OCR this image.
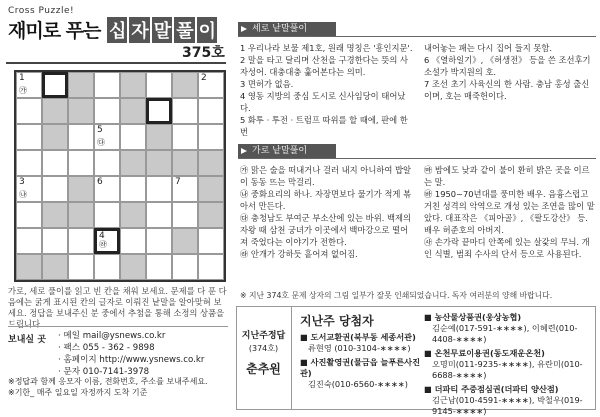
Cross Puzzle!
재미로 푸는 십 자 말 풀 이
375호
1
㉮
2
5
㉰
3
㉯
6	7
4
㉱
가로, 세로 풀이를 읽고 빈 칸을 채워 보세요. 문제를 다 푼 다음에는 굵게 표시된 칸의 글자로 이뤄진 낱말을 알아맞혀 보세요. 정답을 보내주신 분 중에서 추첨을 통해 소정의 상품을 드립니다.
보내실 곳 · 메일 mail@ysnews.co.kr
· 팩스 055 - 362 - 9898
· 홈페이지 http://www.ysnews.co.kr
· 문자 010-7141-3978
※정답과 함께 응모자 이름, 전화번호, 주소를 보내주세요.
※기한_ 매주 일요일 자정까지 도착 기준
세로 낱말풀이
1 우리나라 보물 제1호, 원래 명칭은 '흥인지문'.
2 말을 타고 달리며 산천을 구경한다는 뜻의 사자성어. 대충대충 훑어본다는 의미.
3 면허가 없음.
4 영동 지방의 중심 도시로 신사임당이 태어났다.
5 화투 · 투전 · 트럼프 따위를 할 때에, 판에 한번
내어놓는 패는 다시 집어 들지 못함.
6 《열하일기》, 《허생전》 등을 쓴 조선후기 소설가 박지원의 호.
7 조선 초기 사육신의 한 사람. 충남 홍성 출신이며, 호는 매죽헌이다.
가로 낱말풀이
㉮ 맑은 술을 떠내거나 걸러 내지 아니하여 밥알이 동동 뜨는 막걸리.
㉯ 중화요리의 하나. 자장면보다 물기가 적게 볶아서 만든다.
㉰ 충청남도 부여군 부소산에 있는 바위. 백제의 자왕 때 삼천 궁녀가 이곳에서 백마강으로 떨어져 죽었다는 이야기가 전한다.
㉱ 안개가 강하듯 흩어져 없어짐.
㉲ 밤에도 낮과 같이 불이 환히 밝은 곳을 이르는 말.
㉳ 1950~70년대를 풍미한 배우. 음흉스럽고 거친 성격의 악역으로 개성 있는 조연을 많이 맡았다. 대표작은 《피아골》, 《팔도강산》 등. 배우 허준호의 아버지.
㉴ 손가락 끝마디 안쪽에 있는 살갗의 무늬. 개인 식별, 범죄 수사의 단서 등으로 사용된다.
※ 지난 374호 문제 상자의 그림 일부가 잘못 인쇄되었습니다. 독자 여러분의 양해 바랍니다.
지난주정답
(374호)
춘추원
지난주 당첨자
■ 도서교환권(북부동 세종서관)
류현영 (010-3104-∗∗∗∗)
■ 사진촬영권(물금읍 늘푸른사진관)
김진숙(010-6560-∗∗∗∗)
■ 농산물상품권(웅상농협)
김순예(017-591-∗∗∗∗), 이혜련(010-4408-∗∗∗∗)
■ 온천무료이용권(동도재운온천)
오명미(011-9235-∗∗∗∗), 유란미(010-6688-∗∗∗∗)
■ 더파티 주중점심권(더파티 양산점)
김근남(010-4591-∗∗∗∗), 박철우(019-9145-∗∗∗∗)
